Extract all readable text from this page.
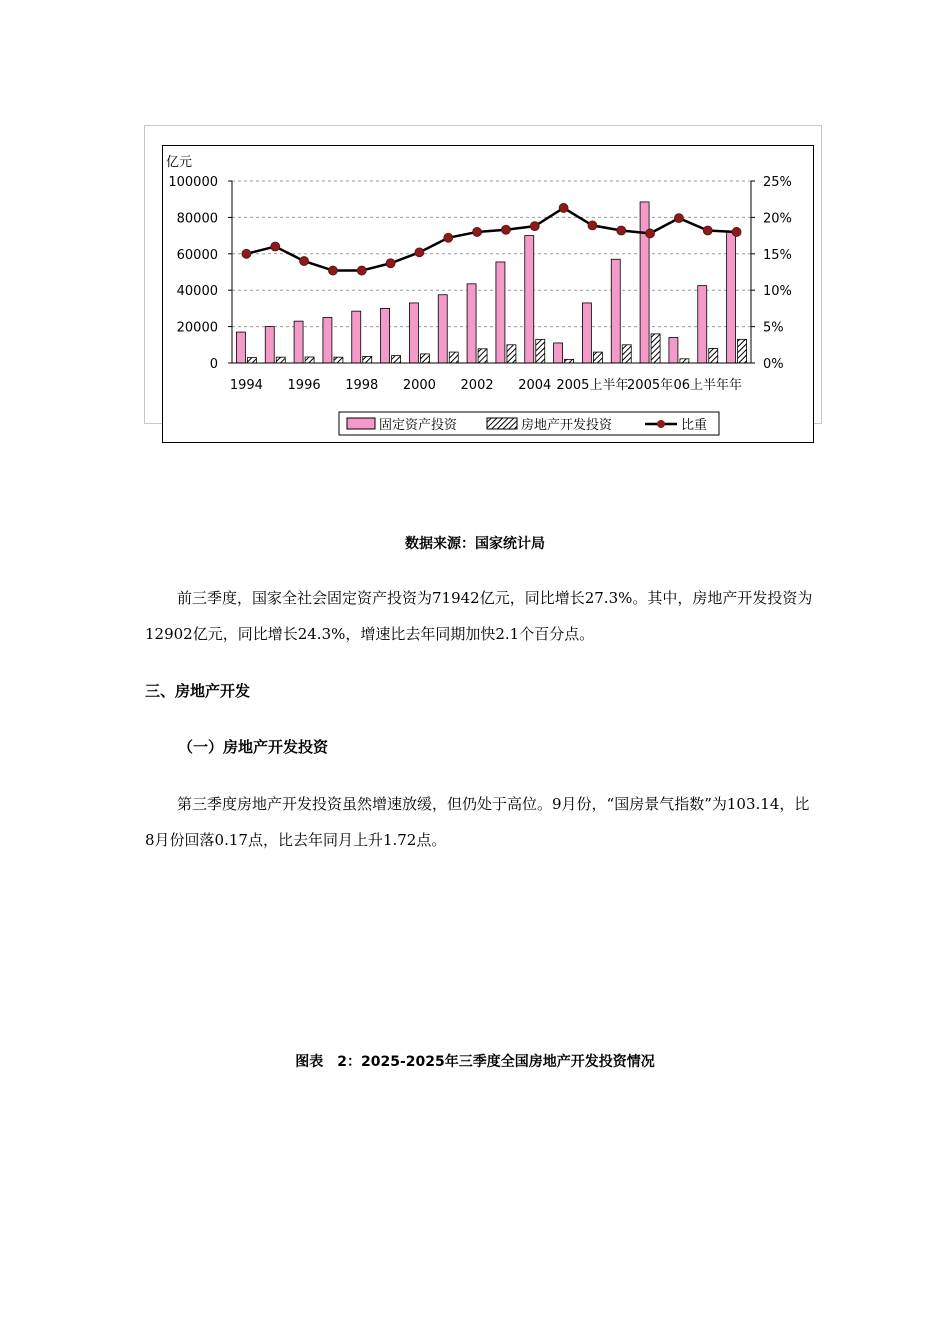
100000
80000
60000
40000
20000
0
25%
20%
15%
10%
5%
0%
1994 1996 1998 2000 2002 2004 2005上半年
2005年 06上半年年
亿元
固定资产投资	房地产开发投资	比重
数据来源：国家统计局

前三季度，国家全社会固定资产投资为71942亿元，同比增长27.3%。其中，房地产开发投资为12902亿元，同比增长24.3%，增速比去年同期加快2.1个百分点。

三、房地产开发
（一）房地产开发投资

第三季度房地产开发投资虽然增速放缓，但仍处于高位。9月份，“国房景气指数”为103.14，比8月份回落0.17点，比去年同月上升1.72点。

图表　2：2025-2025年三季度全国房地产开发投资情况
